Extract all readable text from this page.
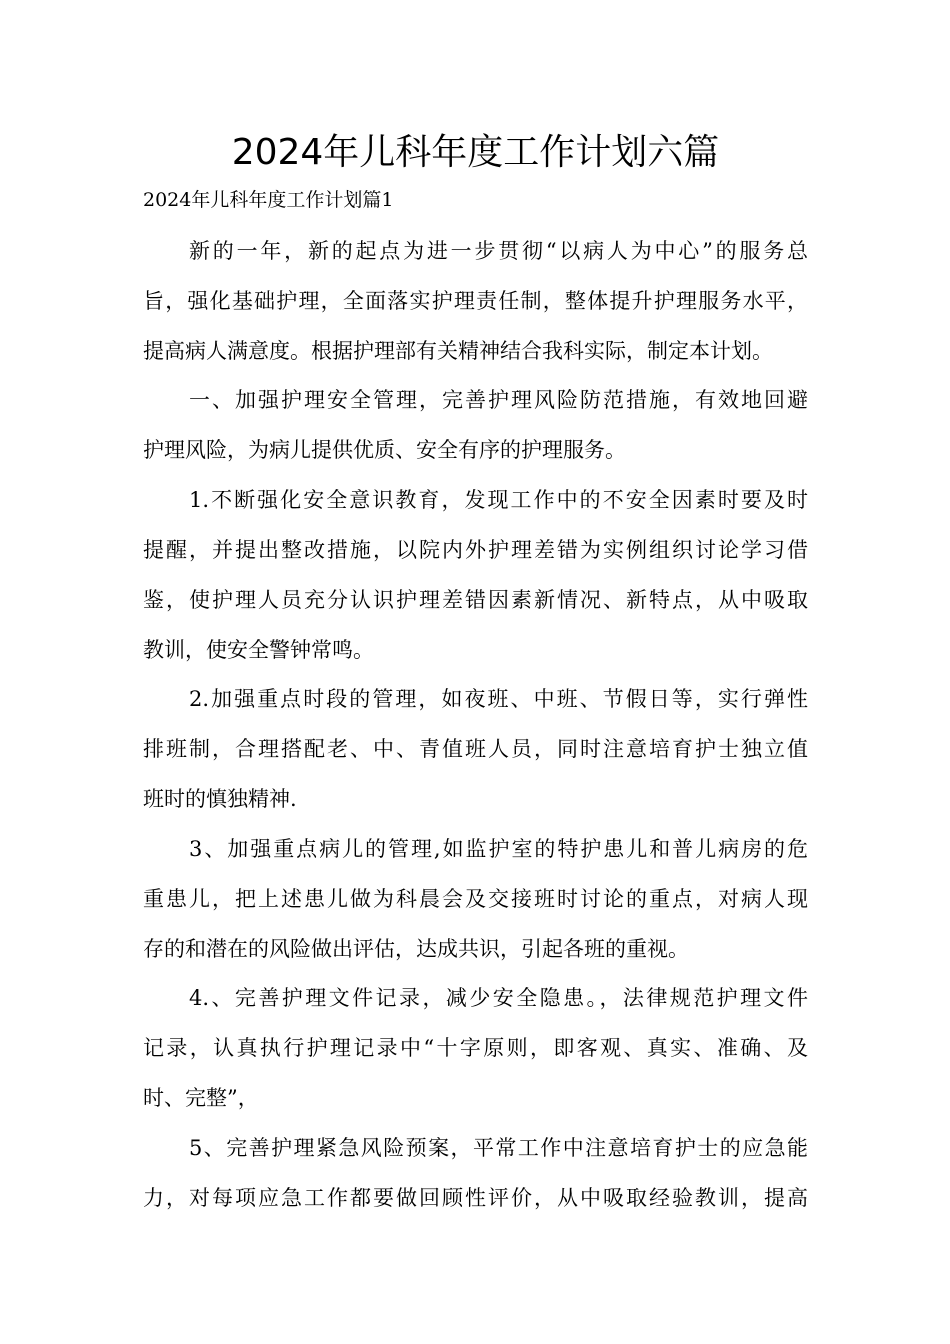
2024年儿科年度工作计划六篇

2024年儿科年度工作计划篇1

新的一年，新的起点为进一步贯彻“以病人为中心”的服务总
旨，强化基础护理，全面落实护理责任制，整体提升护理服务水平，
提高病人满意度。根据护理部有关精神结合我科实际，制定本计划。
一、加强护理安全管理，完善护理风险防范措施，有效地回避
护理风险，为病儿提供优质、安全有序的护理服务。
1.不断强化安全意识教育，发现工作中的不安全因素时要及时
提醒，并提出整改措施，以院内外护理差错为实例组织讨论学习借
鉴，使护理人员充分认识护理差错因素新情况、新特点，从中吸取
教训，使安全警钟常鸣。
2.加强重点时段的管理，如夜班、中班、节假日等，实行弹性
排班制，合理搭配老、中、青值班人员，同时注意培育护士独立值
班时的慎独精神.
3、加强重点病儿的管理,如监护室的特护患儿和普儿病房的危
重患儿，把上述患儿做为科晨会及交接班时讨论的重点，对病人现
存的和潜在的风险做出评估，达成共识，引起各班的重视。
4.、完善护理文件记录，减少安全隐患。，法律规范护理文件
记录，认真执行护理记录中“十字原则，即客观、真实、准确、及
时、完整”，
5、完善护理紧急风险预案，平常工作中注意培育护士的应急能
力，对每项应急工作都要做回顾性评价，从中吸取经验教训，提高
